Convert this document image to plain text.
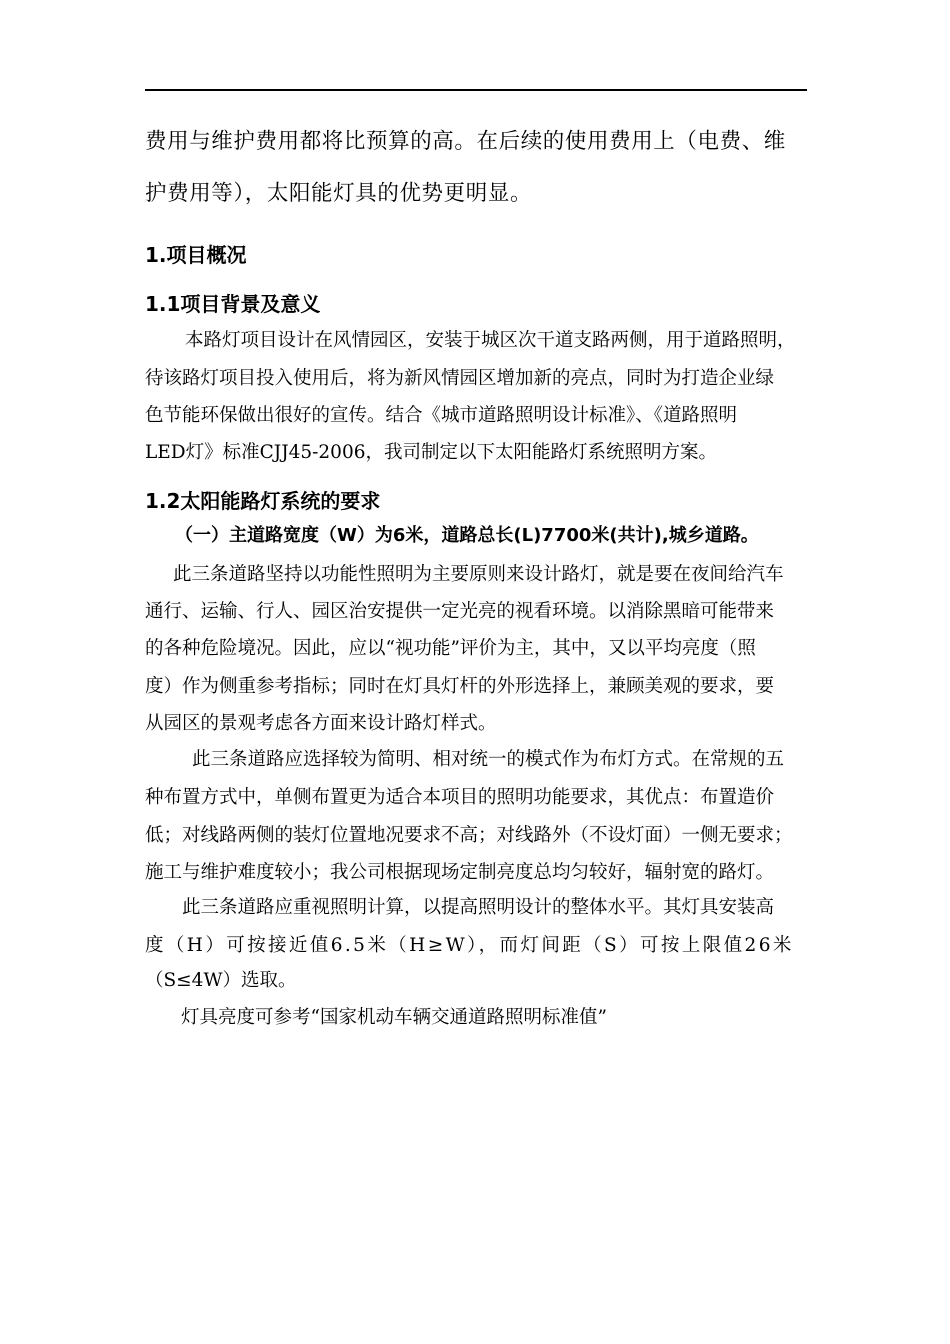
费用与维护费用都将比预算的高。在后续的使用费用上（电费、维
护费用等），太阳能灯具的优势更明显。
1.项目概况
1.1项目背景及意义
本路灯项目设计在风情园区，安装于城区次干道支路两侧，用于道路照明，
待该路灯项目投入使用后，将为新风情园区增加新的亮点，同时为打造企业绿
色节能环保做出很好的宣传。结合《城市道路照明设计标准》、《道路照明
LED灯》标准CJJ45-2006，我司制定以下太阳能路灯系统照明方案。
1.2太阳能路灯系统的要求
（一）主道路宽度（W）为6米，道路总长(L)7700米(共计),城乡道路。
此三条道路坚持以功能性照明为主要原则来设计路灯，就是要在夜间给汽车
通行、运输、行人、园区治安提供一定光亮的视看环境。以消除黑暗可能带来
的各种危险境况。因此，应以“视功能”评价为主，其中，又以平均亮度（照
度）作为侧重参考指标；同时在灯具灯杆的外形选择上，兼顾美观的要求，要
从园区的景观考虑各方面来设计路灯样式。
此三条道路应选择较为简明、相对统一的模式作为布灯方式。在常规的五
种布置方式中，单侧布置更为适合本项目的照明功能要求，其优点：布置造价
低；对线路两侧的装灯位置地况要求不高；对线路外（不设灯面）一侧无要求；
施工与维护难度较小；我公司根据现场定制亮度总均匀较好，辐射宽的路灯。
此三条道路应重视照明计算，以提高照明设计的整体水平。其灯具安装高
度（H）可按接近值6.5米（H≥W），而灯间距（S）可按上限值26米
（S≤4W）选取。
灯具亮度可参考“国家机动车辆交通道路照明标准值”
